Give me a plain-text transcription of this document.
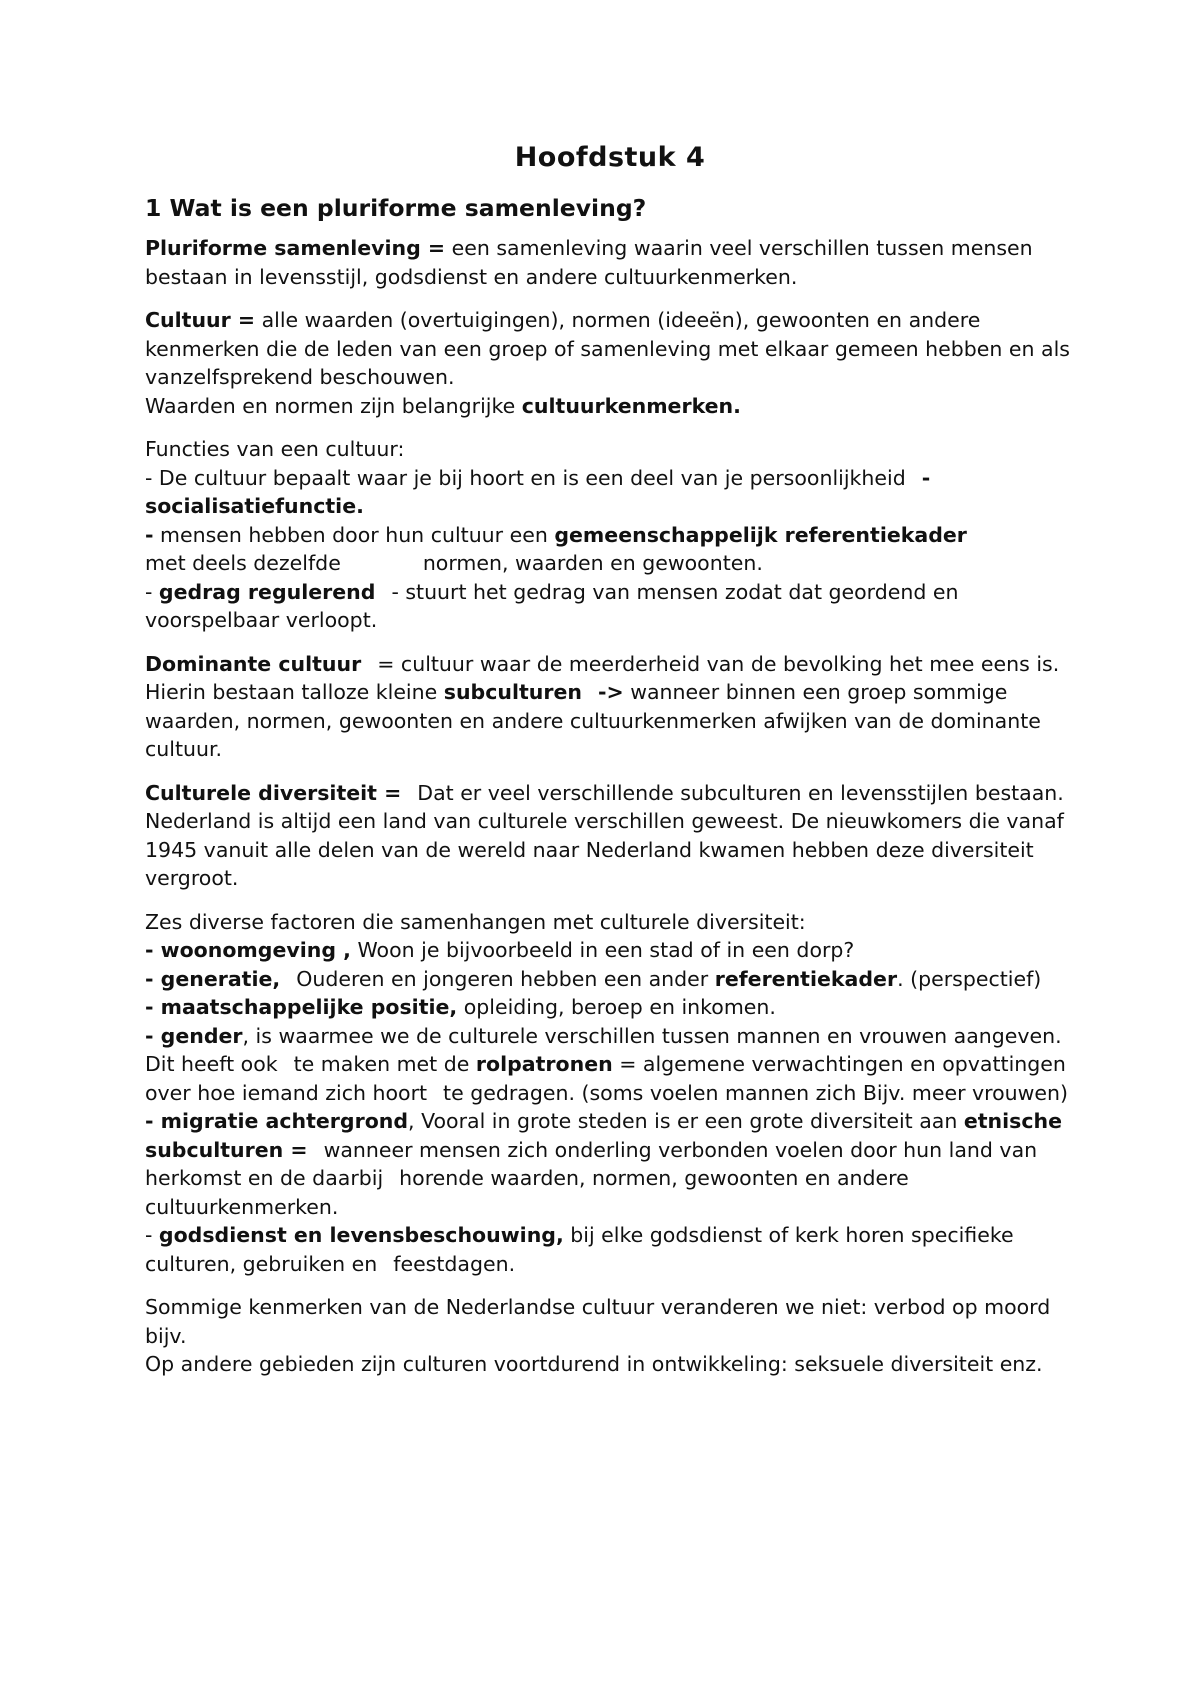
Hoofdstuk 4
1 Wat is een pluriforme samenleving?

Pluriforme samenleving = een samenleving waarin veel verschillen tussen mensen bestaan in levensstijl, godsdienst en andere cultuurkenmerken.

Cultuur = alle waarden (overtuigingen), normen (ideeën), gewoonten en andere kenmerken die de leden van een groep of samenleving met elkaar gemeen hebben en als vanzelfsprekend beschouwen.
Waarden en normen zijn belangrijke cultuurkenmerken.

Functies van een cultuur:
- De cultuur bepaalt waar je bij hoort en is een deel van je persoonlijkheid - socialisatiefunctie.
- mensen hebben door hun cultuur een gemeenschappelijk referentiekader
met deels dezelfde	normen, waarden en gewoonten.
- gedrag regulerend - stuurt het gedrag van mensen zodat dat geordend en voorspelbaar verloopt.

Dominante cultuur = cultuur waar de meerderheid van de bevolking het mee eens is.
Hierin bestaan talloze kleine subculturen -> wanneer binnen een groep sommige waarden, normen, gewoonten en andere cultuurkenmerken afwijken van de dominante cultuur.

Culturele diversiteit = Dat er veel verschillende subculturen en levensstijlen bestaan.
Nederland is altijd een land van culturele verschillen geweest. De nieuwkomers die vanaf 1945 vanuit alle delen van de wereld naar Nederland kwamen hebben deze diversiteit vergroot.

Zes diverse factoren die samenhangen met culturele diversiteit:
- woonomgeving , Woon je bijvoorbeeld in een stad of in een dorp?
- generatie, Ouderen en jongeren hebben een ander referentiekader. (perspectief)
- maatschappelijke positie, opleiding, beroep en inkomen.
- gender, is waarmee we de culturele verschillen tussen mannen en vrouwen aangeven. Dit heeft ook te maken met de rolpatronen = algemene verwachtingen en opvattingen over hoe iemand zich hoort te gedragen. (soms voelen mannen zich Bijv. meer vrouwen)
- migratie achtergrond, Vooral in grote steden is er een grote diversiteit aan etnische subculturen = wanneer mensen zich onderling verbonden voelen door hun land van herkomst en de daarbij horende waarden, normen, gewoonten en andere cultuurkenmerken.
- godsdienst en levensbeschouwing, bij elke godsdienst of kerk horen specifieke culturen, gebruiken en feestdagen.

Sommige kenmerken van de Nederlandse cultuur veranderen we niet: verbod op moord bijv.
Op andere gebieden zijn culturen voortdurend in ontwikkeling: seksuele diversiteit enz.
